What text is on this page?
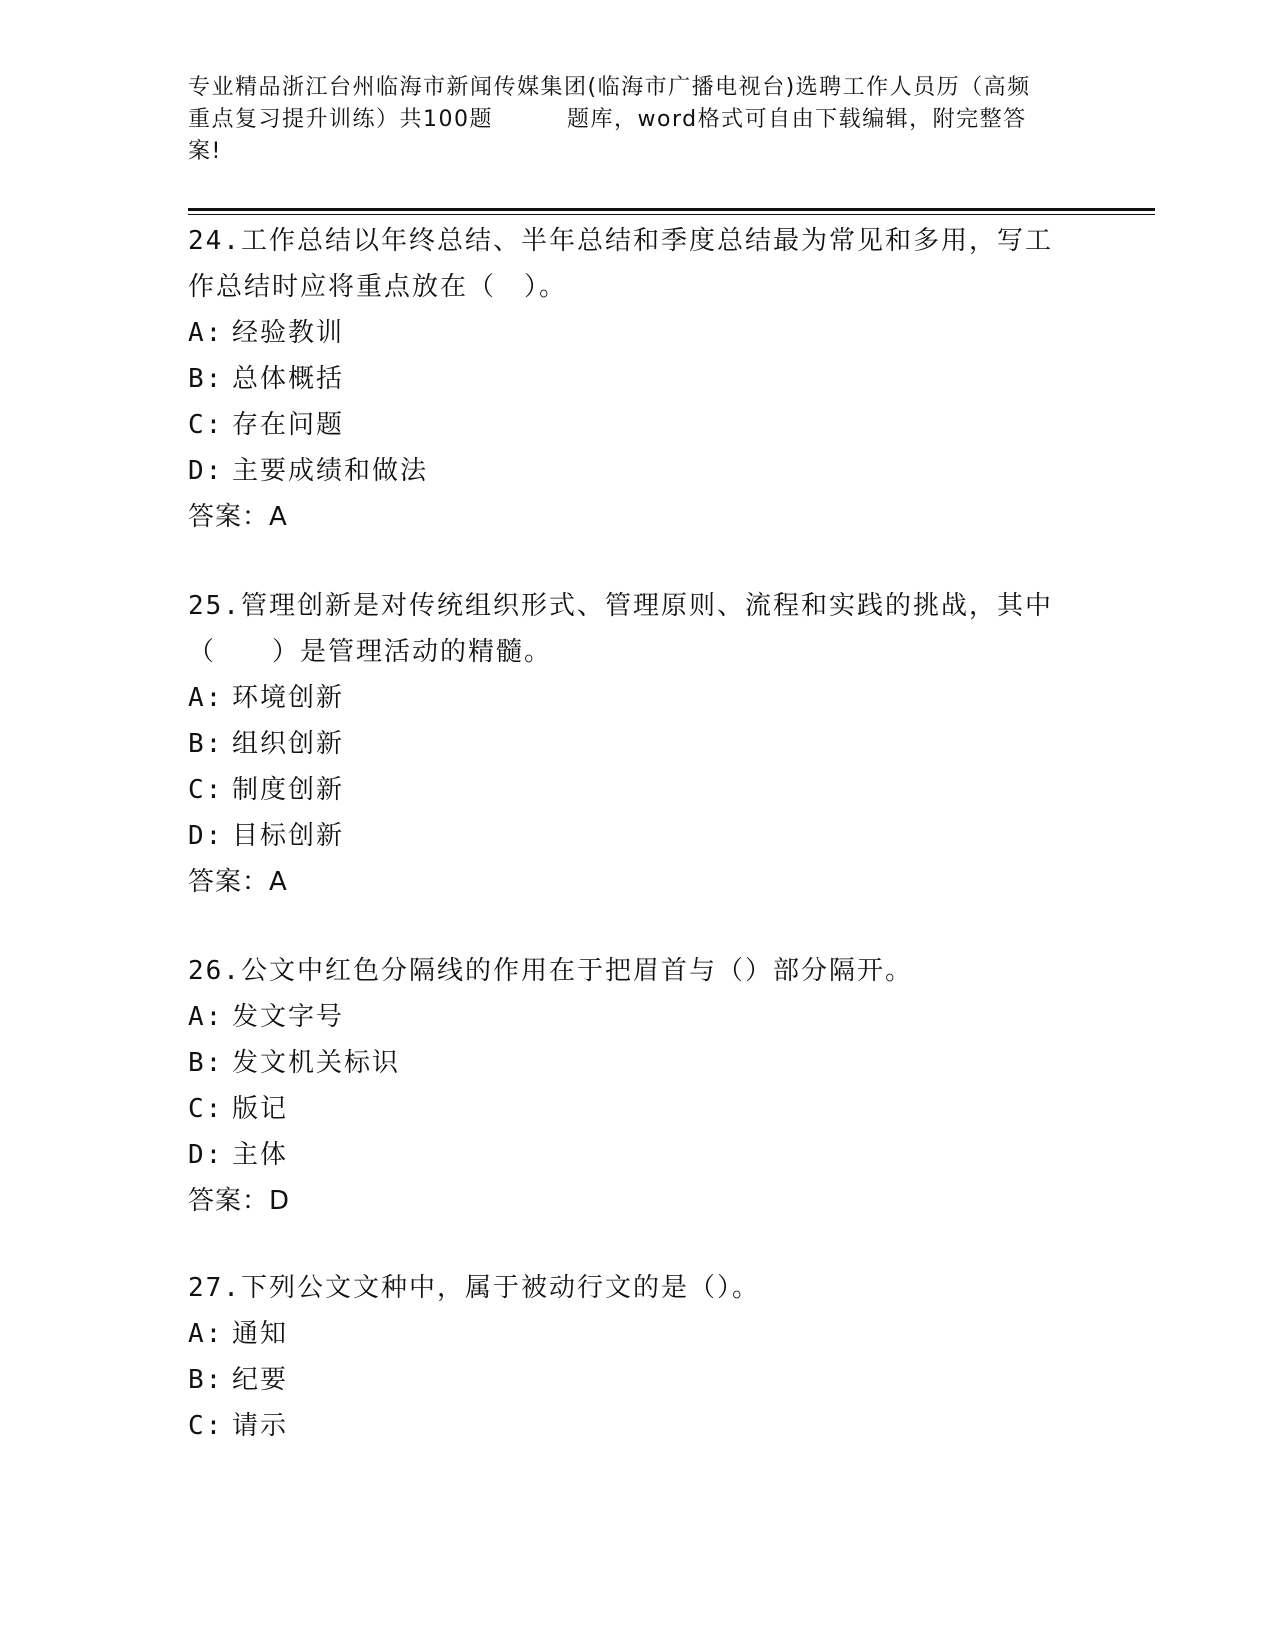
专业精品浙江台州临海市新闻传媒集团(临海市广播电视台)选聘工作人员历（高频
重点复习提升训练）共100题	题库，word格式可自由下载编辑，附完整答
案!
24.工作总结以年终总结、半年总结和季度总结最为常见和多用，写工
作总结时应将重点放在（　）。
A: 经验教训
B: 总体概括
C: 存在问题
D: 主要成绩和做法
答案：A
25.管理创新是对传统组织形式、管理原则、流程和实践的挑战，其中
（　　）是管理活动的精髓。
A: 环境创新
B: 组织创新
C: 制度创新
D: 目标创新
答案：A
26.公文中红色分隔线的作用在于把眉首与（）部分隔开。
A: 发文字号
B: 发文机关标识
C: 版记
D: 主体
答案：D
27.下列公文文种中，属于被动行文的是（）。
A: 通知
B: 纪要
C: 请示
